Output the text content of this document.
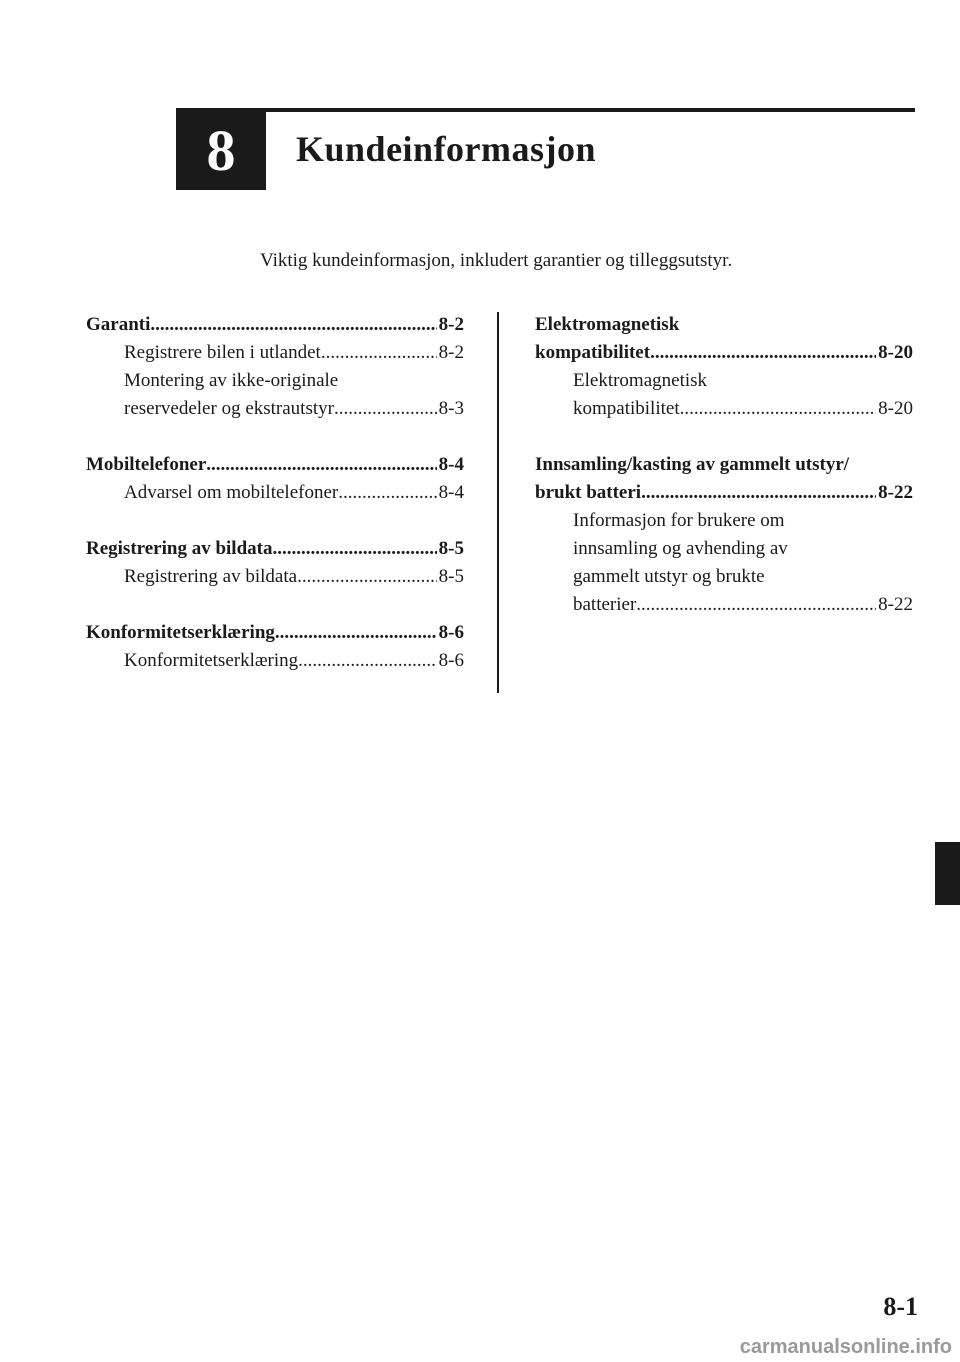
8	Kundeinformasjon
Viktig kundeinformasjon, inkludert garantier og tilleggsutstyr.
Garanti .....	8-2
Registrere bilen i utlandet .....	8-2
Montering av ikke-originale
reservedeler og ekstrautstyr .....	8-3
Mobiltelefoner .....	8-4
Advarsel om mobiltelefoner .....	8-4
Registrering av bildata .....	8-5
Registrering av bildata .....	8-5
Konformitetserklæring .....	8-6
Konformitetserklæring .....	8-6
Elektromagnetisk
kompatibilitet .....	8-20
Elektromagnetisk
kompatibilitet .....	8-20
Innsamling/kasting av gammelt utstyr/
brukt batteri .....	8-22
Informasjon for brukere om
innsamling og avhending av
gammelt utstyr og brukte
batterier .....	8-22
8-1
carmanualsonline.info
